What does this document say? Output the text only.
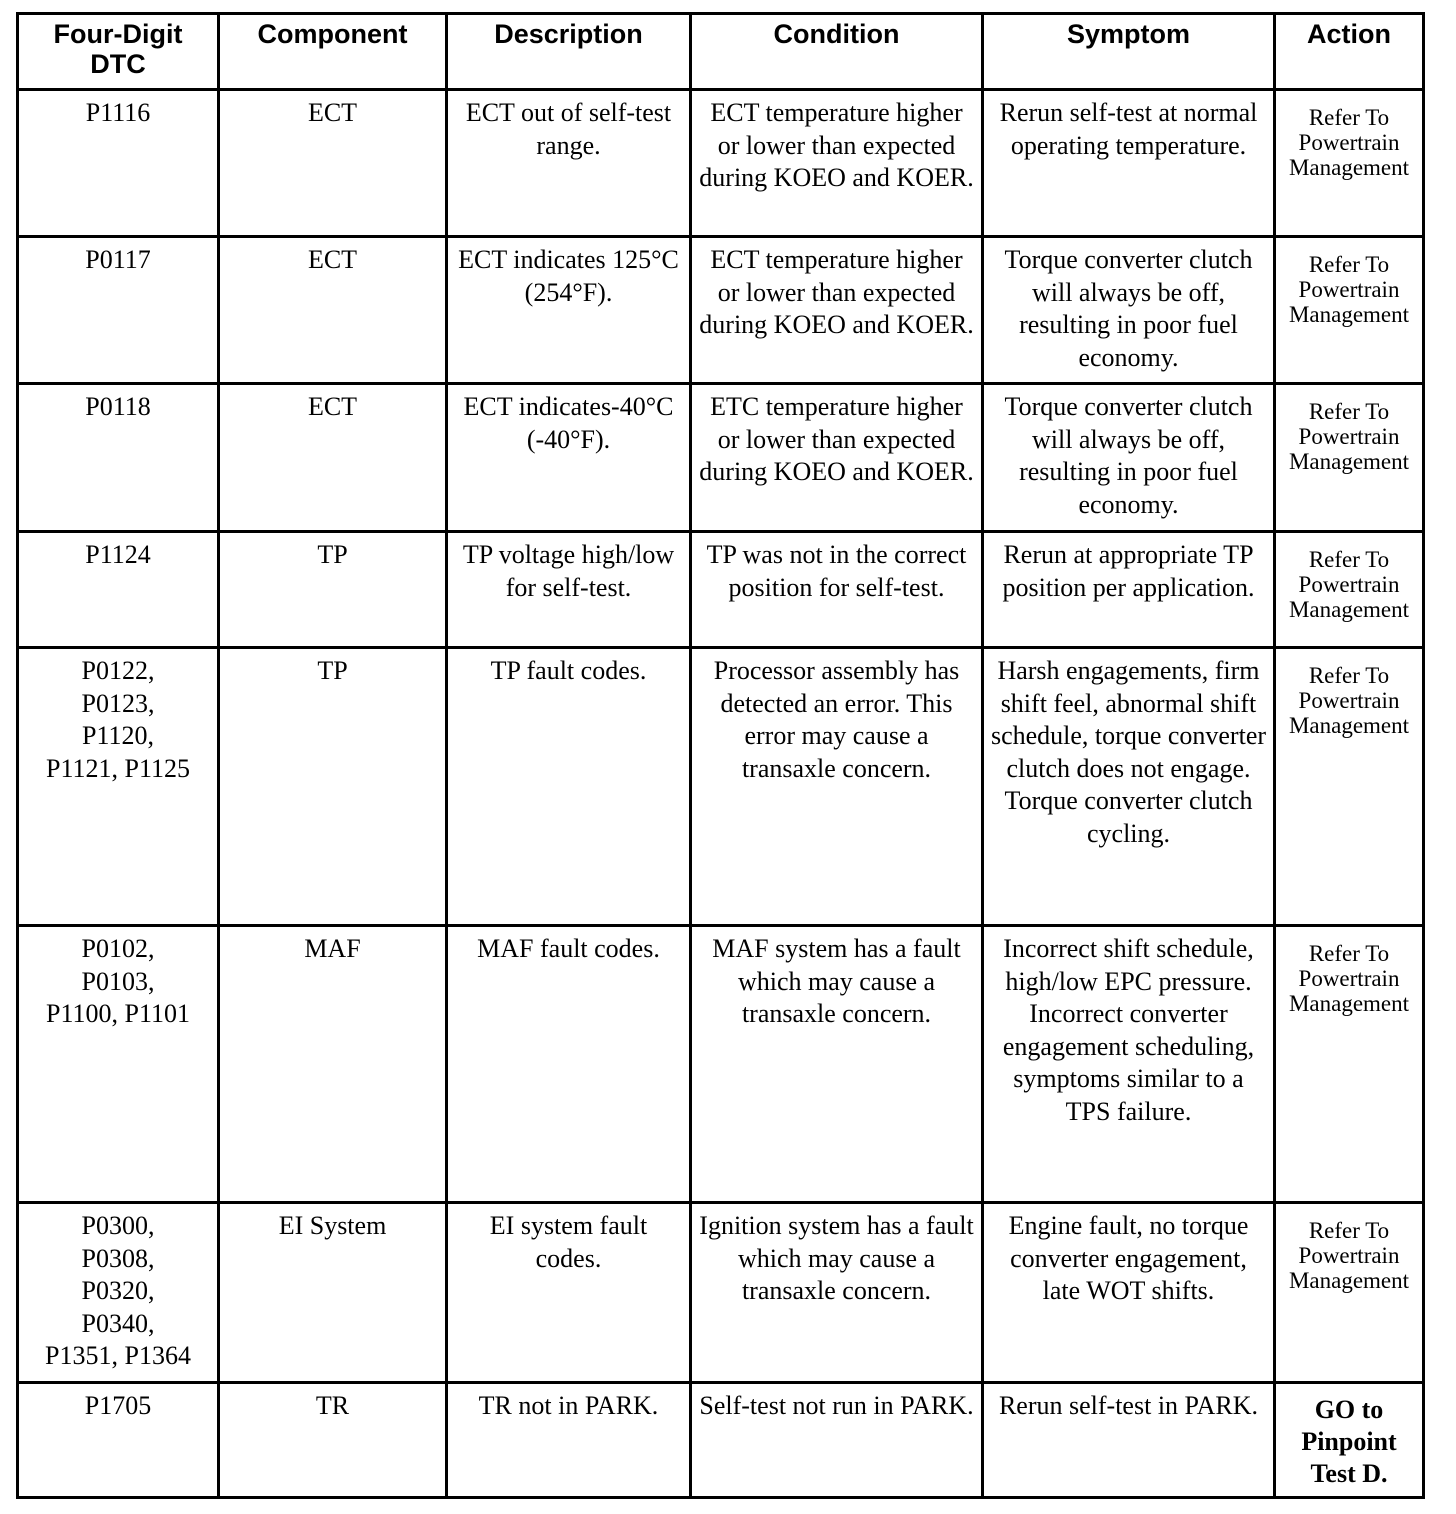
Four-Digit
DTC	Component	Description	Condition	Symptom	Action
P1116	ECT	ECT out of self-test range.	ECT temperature higher or lower than expected during KOEO and KOER.	Rerun self-test at normal operating temperature.	Refer To Powertrain Management
P0117	ECT	ECT indicates 125°C (254°F).	ECT temperature higher or lower than expected during KOEO and KOER.	Torque converter clutch will always be off, resulting in poor fuel economy.	Refer To Powertrain Management
P0118	ECT	ECT indicates-40°C (-40°F).	ETC temperature higher or lower than expected during KOEO and KOER.	Torque converter clutch will always be off, resulting in poor fuel economy.	Refer To Powertrain Management
P1124	TP	TP voltage high/low for self-test.	TP was not in the correct position for self-test.	Rerun at appropriate TP position per application.	Refer To Powertrain Management
P0122,
P0123,
P1120,
P1121, P1125	TP	TP fault codes.	Processor assembly has detected an error. This error may cause a transaxle concern.	Harsh engagements, firm shift feel, abnormal shift schedule, torque converter clutch does not engage. Torque converter clutch cycling.	Refer To Powertrain Management
P0102,
P0103,
P1100, P1101	MAF	MAF fault codes.	MAF system has a fault which may cause a transaxle concern.	Incorrect shift schedule, high/low EPC pressure. Incorrect converter engagement scheduling, symptoms similar to a TPS failure.	Refer To Powertrain Management
P0300,
P0308,
P0320,
P0340,
P1351, P1364	EI System	EI system fault codes.	Ignition system has a fault which may cause a transaxle concern.	Engine fault, no torque converter engagement, late WOT shifts.	Refer To Powertrain Management
P1705	TR	TR not in PARK.	Self-test not run in PARK.	Rerun self-test in PARK.	GO to Pinpoint Test D.
